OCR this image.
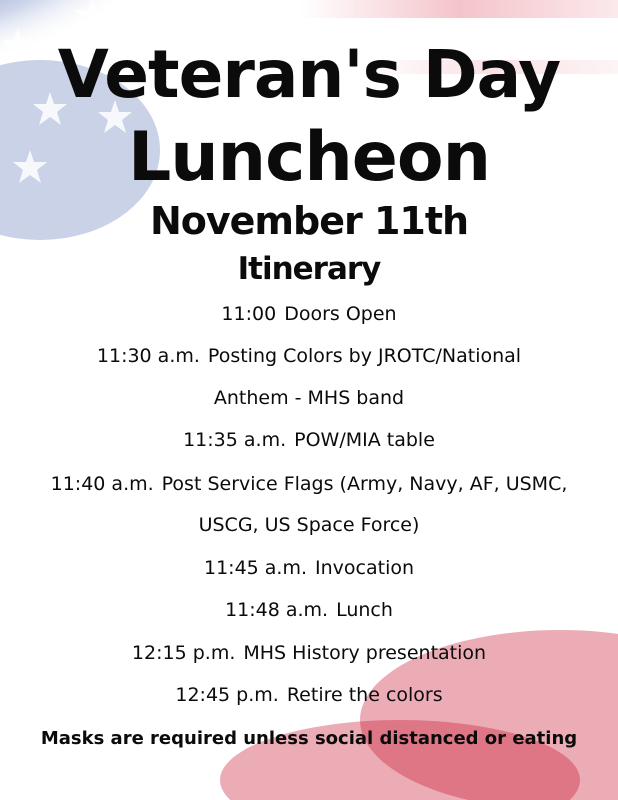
Veteran's Day
Luncheon
November 11th
Itinerary
11:00 Doors Open
11:30 a.m. Posting Colors by JROTC/National
Anthem - MHS band
11:35 a.m. POW/MIA table
11:40 a.m. Post Service Flags (Army, Navy, AF, USMC,
USCG, US Space Force)
11:45 a.m. Invocation
11:48 a.m. Lunch
12:15 p.m. MHS History presentation
12:45 p.m. Retire the colors
Masks are required unless social distanced or eating
